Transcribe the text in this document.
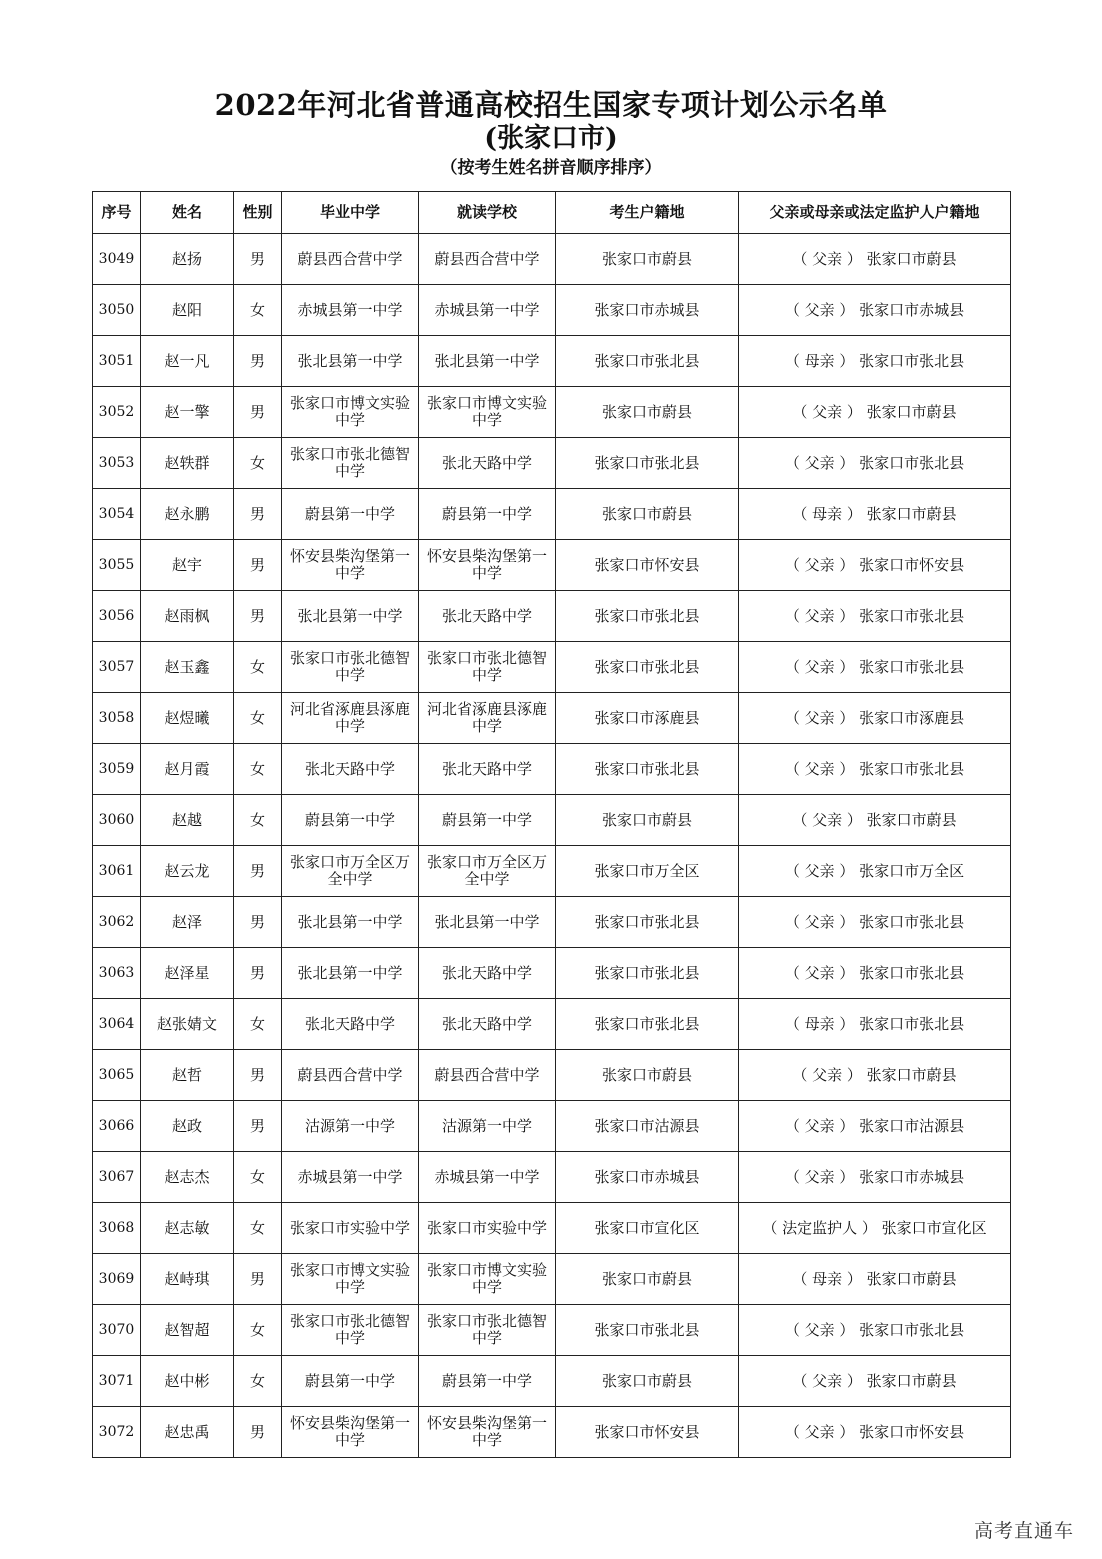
2022年河北省普通高校招生国家专项计划公示名单
(张家口市)
（按考生姓名拼音顺序排序）
序号	姓名	性别	毕业中学	就读学校	考生户籍地	父亲或母亲或法定监护人户籍地
3049	赵扬	男	蔚县西合营中学	蔚县西合营中学	张家口市蔚县	（ 父亲 ） 张家口市蔚县
3050	赵阳	女	赤城县第一中学	赤城县第一中学	张家口市赤城县	（ 父亲 ） 张家口市赤城县
3051	赵一凡	男	张北县第一中学	张北县第一中学	张家口市张北县	（ 母亲 ） 张家口市张北县
3052	赵一擎	男	张家口市博文实验中学	张家口市博文实验中学	张家口市蔚县	（ 父亲 ） 张家口市蔚县
3053	赵轶群	女	张家口市张北德智中学	张北天路中学	张家口市张北县	（ 父亲 ） 张家口市张北县
3054	赵永鹏	男	蔚县第一中学	蔚县第一中学	张家口市蔚县	（ 母亲 ） 张家口市蔚县
3055	赵宇	男	怀安县柴沟堡第一中学	怀安县柴沟堡第一中学	张家口市怀安县	（ 父亲 ） 张家口市怀安县
3056	赵雨枫	男	张北县第一中学	张北天路中学	张家口市张北县	（ 父亲 ） 张家口市张北县
3057	赵玉鑫	女	张家口市张北德智中学	张家口市张北德智中学	张家口市张北县	（ 父亲 ） 张家口市张北县
3058	赵煜曦	女	河北省涿鹿县涿鹿中学	河北省涿鹿县涿鹿中学	张家口市涿鹿县	（ 父亲 ） 张家口市涿鹿县
3059	赵月霞	女	张北天路中学	张北天路中学	张家口市张北县	（ 父亲 ） 张家口市张北县
3060	赵越	女	蔚县第一中学	蔚县第一中学	张家口市蔚县	（ 父亲 ） 张家口市蔚县
3061	赵云龙	男	张家口市万全区万全中学	张家口市万全区万全中学	张家口市万全区	（ 父亲 ） 张家口市万全区
3062	赵泽	男	张北县第一中学	张北县第一中学	张家口市张北县	（ 父亲 ） 张家口市张北县
3063	赵泽星	男	张北县第一中学	张北天路中学	张家口市张北县	（ 父亲 ） 张家口市张北县
3064	赵张婧文	女	张北天路中学	张北天路中学	张家口市张北县	（ 母亲 ） 张家口市张北县
3065	赵哲	男	蔚县西合营中学	蔚县西合营中学	张家口市蔚县	（ 父亲 ） 张家口市蔚县
3066	赵政	男	沽源第一中学	沽源第一中学	张家口市沽源县	（ 父亲 ） 张家口市沽源县
3067	赵志杰	女	赤城县第一中学	赤城县第一中学	张家口市赤城县	（ 父亲 ） 张家口市赤城县
3068	赵志敏	女	张家口市实验中学	张家口市实验中学	张家口市宣化区	（ 法定监护人 ） 张家口市宣化区
3069	赵峙琪	男	张家口市博文实验中学	张家口市博文实验中学	张家口市蔚县	（ 母亲 ） 张家口市蔚县
3070	赵智超	女	张家口市张北德智中学	张家口市张北德智中学	张家口市张北县	（ 父亲 ） 张家口市张北县
3071	赵中彬	女	蔚县第一中学	蔚县第一中学	张家口市蔚县	（ 父亲 ） 张家口市蔚县
3072	赵忠禹	男	怀安县柴沟堡第一中学	怀安县柴沟堡第一中学	张家口市怀安县	（ 父亲 ） 张家口市怀安县
高考直通车
